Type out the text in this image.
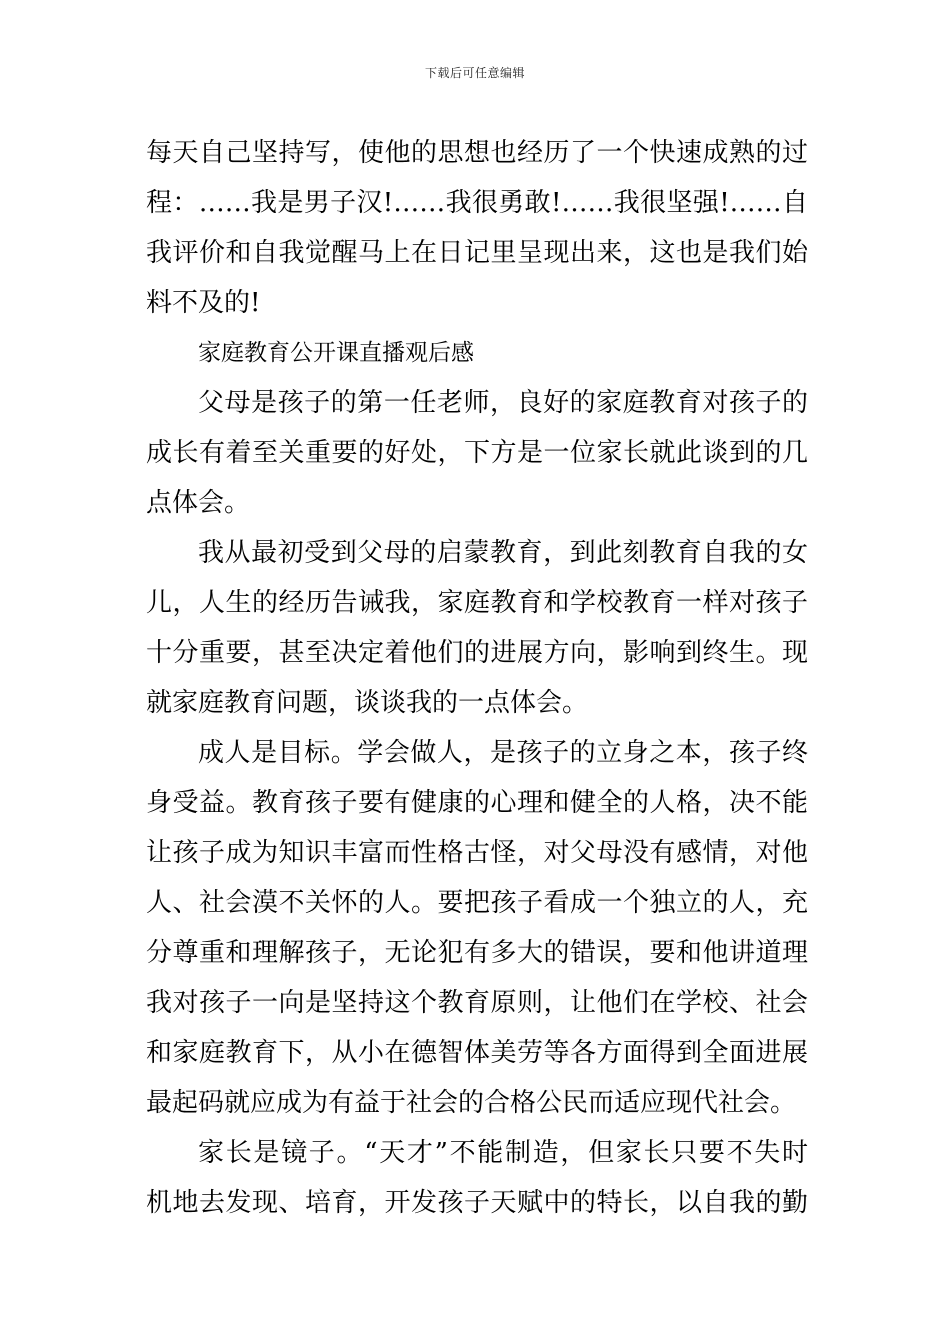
下载后可任意编辑
每天自己坚持写，使他的思想也经历了一个快速成熟的过
程：……我是男子汉!……我很勇敢!……我很坚强!……自
我评价和自我觉醒马上在日记里呈现出来，这也是我们始
料不及的!
家庭教育公开课直播观后感
父母是孩子的第一任老师，良好的家庭教育对孩子的
成长有着至关重要的好处，下方是一位家长就此谈到的几
点体会。
我从最初受到父母的启蒙教育，到此刻教育自我的女
儿，人生的经历告诫我，家庭教育和学校教育一样对孩子
十分重要，甚至决定着他们的进展方向，影响到终生。现
就家庭教育问题，谈谈我的一点体会。
成人是目标。学会做人，是孩子的立身之本，孩子终
身受益。教育孩子要有健康的心理和健全的人格，决不能
让孩子成为知识丰富而性格古怪，对父母没有感情，对他
人、社会漠不关怀的人。要把孩子看成一个独立的人，充
分尊重和理解孩子，无论犯有多大的错误，要和他讲道理
我对孩子一向是坚持这个教育原则，让他们在学校、社会
和家庭教育下，从小在德智体美劳等各方面得到全面进展
最起码就应成为有益于社会的合格公民而适应现代社会。
家长是镜子。“天才”不能制造，但家长只要不失时
机地去发现、培育，开发孩子天赋中的特长，以自我的勤
